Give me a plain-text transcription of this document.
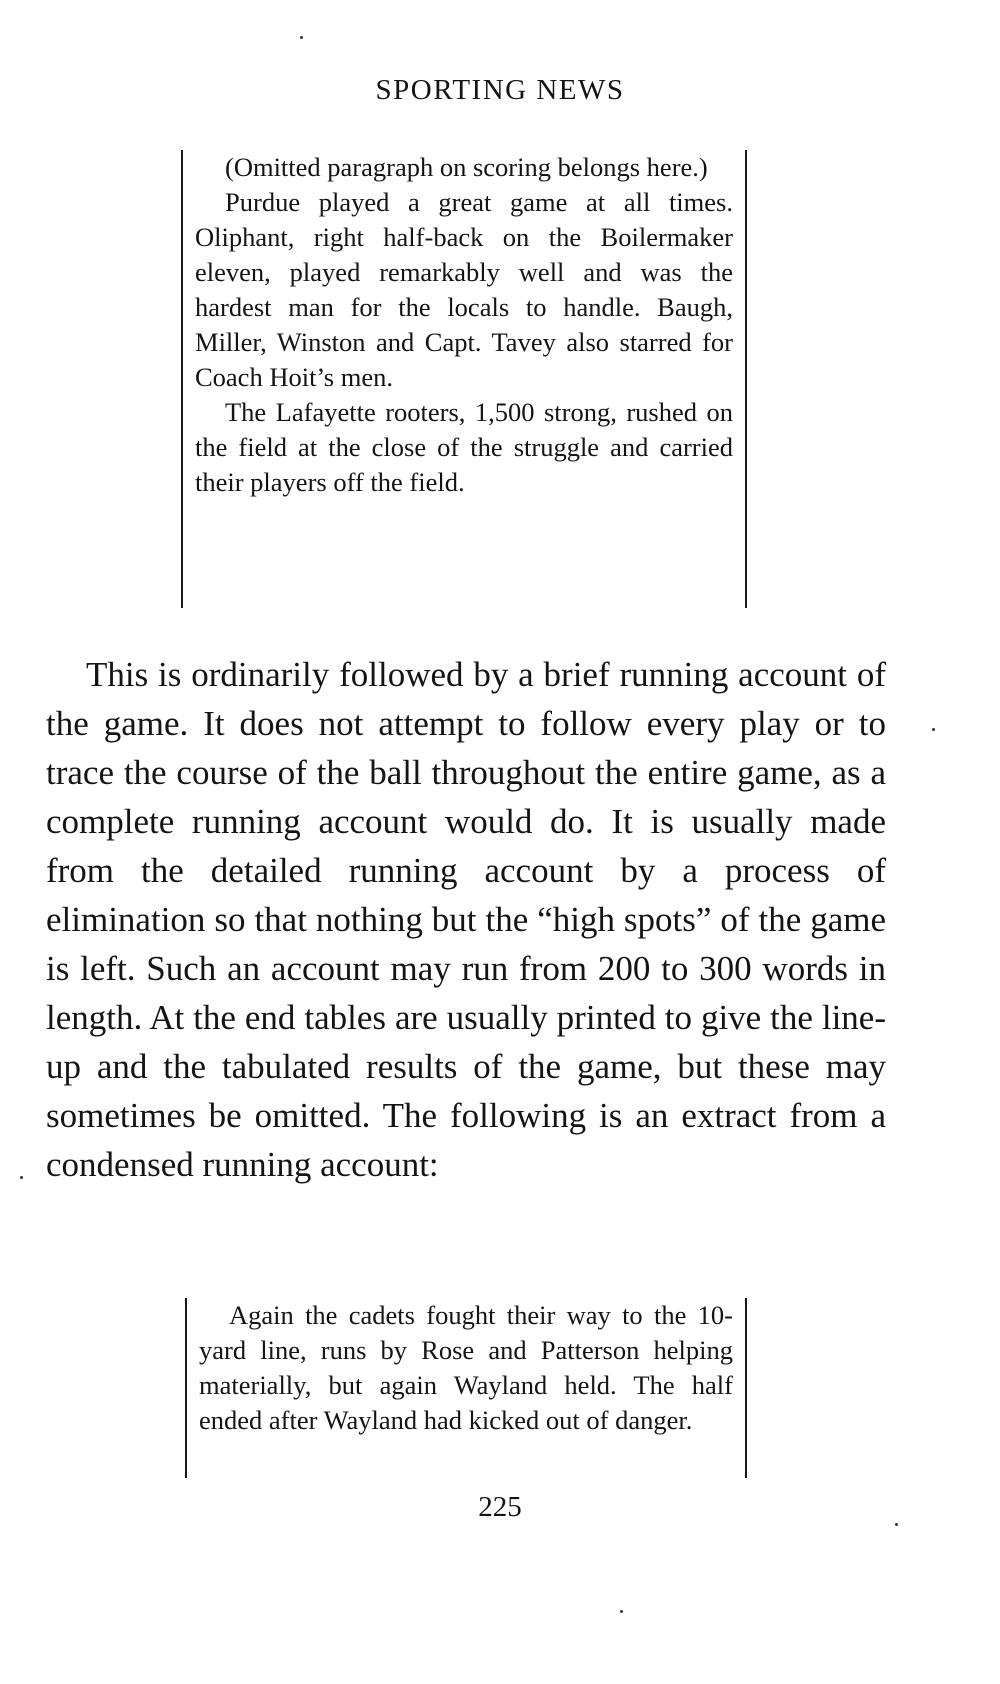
SPORTING NEWS

(Omitted paragraph on scoring belongs here.)

Purdue played a great game at all times. Oliphant, right half-back on the Boilermaker eleven, played remarkably well and was the hardest man for the locals to handle. Baugh, Miller, Winston and Capt. Tavey also starred for Coach Hoit’s men.

The Lafayette rooters, 1,500 strong, rushed on the field at the close of the struggle and carried their players off the field.

This is ordinarily followed by a brief running account of the game. It does not attempt to follow every play or to trace the course of the ball throughout the entire game, as a complete running account would do. It is usually made from the detailed running account by a process of elimination so that nothing but the “high spots” of the game is left. Such an account may run from 200 to 300 words in length. At the end tables are usually printed to give the line-up and the tabulated results of the game, but these may sometimes be omitted. The following is an extract from a condensed running account:

Again the cadets fought their way to the 10-yard line, runs by Rose and Patterson helping materially, but again Wayland held. The half ended after Wayland had kicked out of danger.

225
